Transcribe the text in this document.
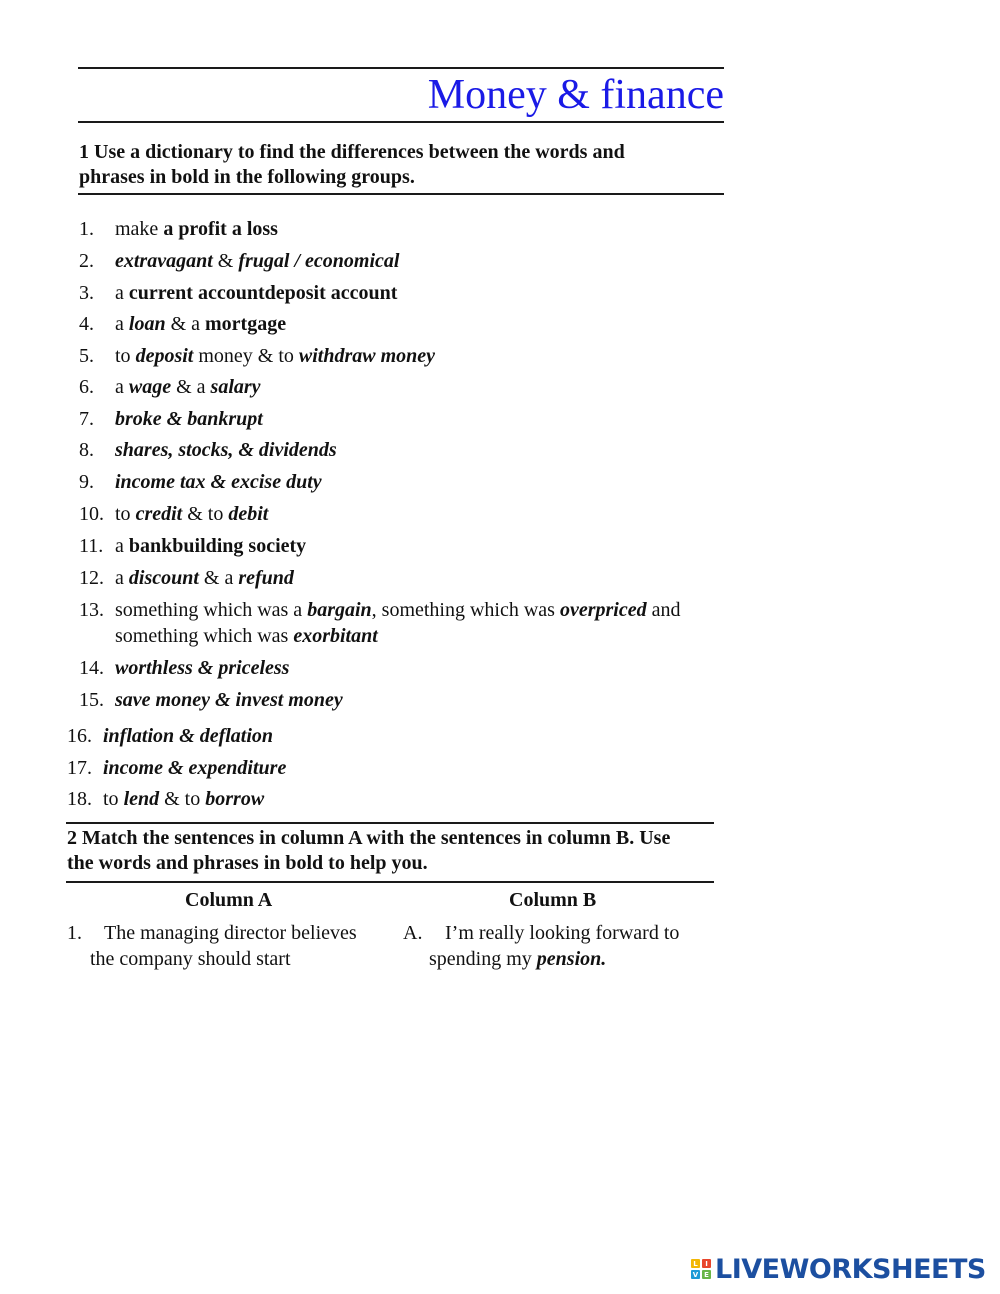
Money & finance

1 Use a dictionary to find the differences between the words and
phrases in bold in the following groups.

1. make a profit a loss
2. extravagant & frugal / economical
3. a current accountdeposit account
4. a loan & a mortgage
5. to deposit money & to withdraw money
6. a wage & a salary
7. broke & bankrupt
8. shares, stocks, & dividends
9. income tax & excise duty
10. to credit & to debit
11. a bankbuilding society
12. a discount & a refund
13. something which was a bargain, something which was overpriced and
something which was exorbitant
14. worthless & priceless
15. save money & invest money
16. inflation & deflation
17. income & expenditure
18. to lend & to borrow

2 Match the sentences in column A with the sentences in column B. Use
the words and phrases in bold to help you.

Column A	Column B
1. The managing director believes
the company should start
A. I’m really looking forward to
spending my pension.
L	I
V E LIVEWORKSHEETS
